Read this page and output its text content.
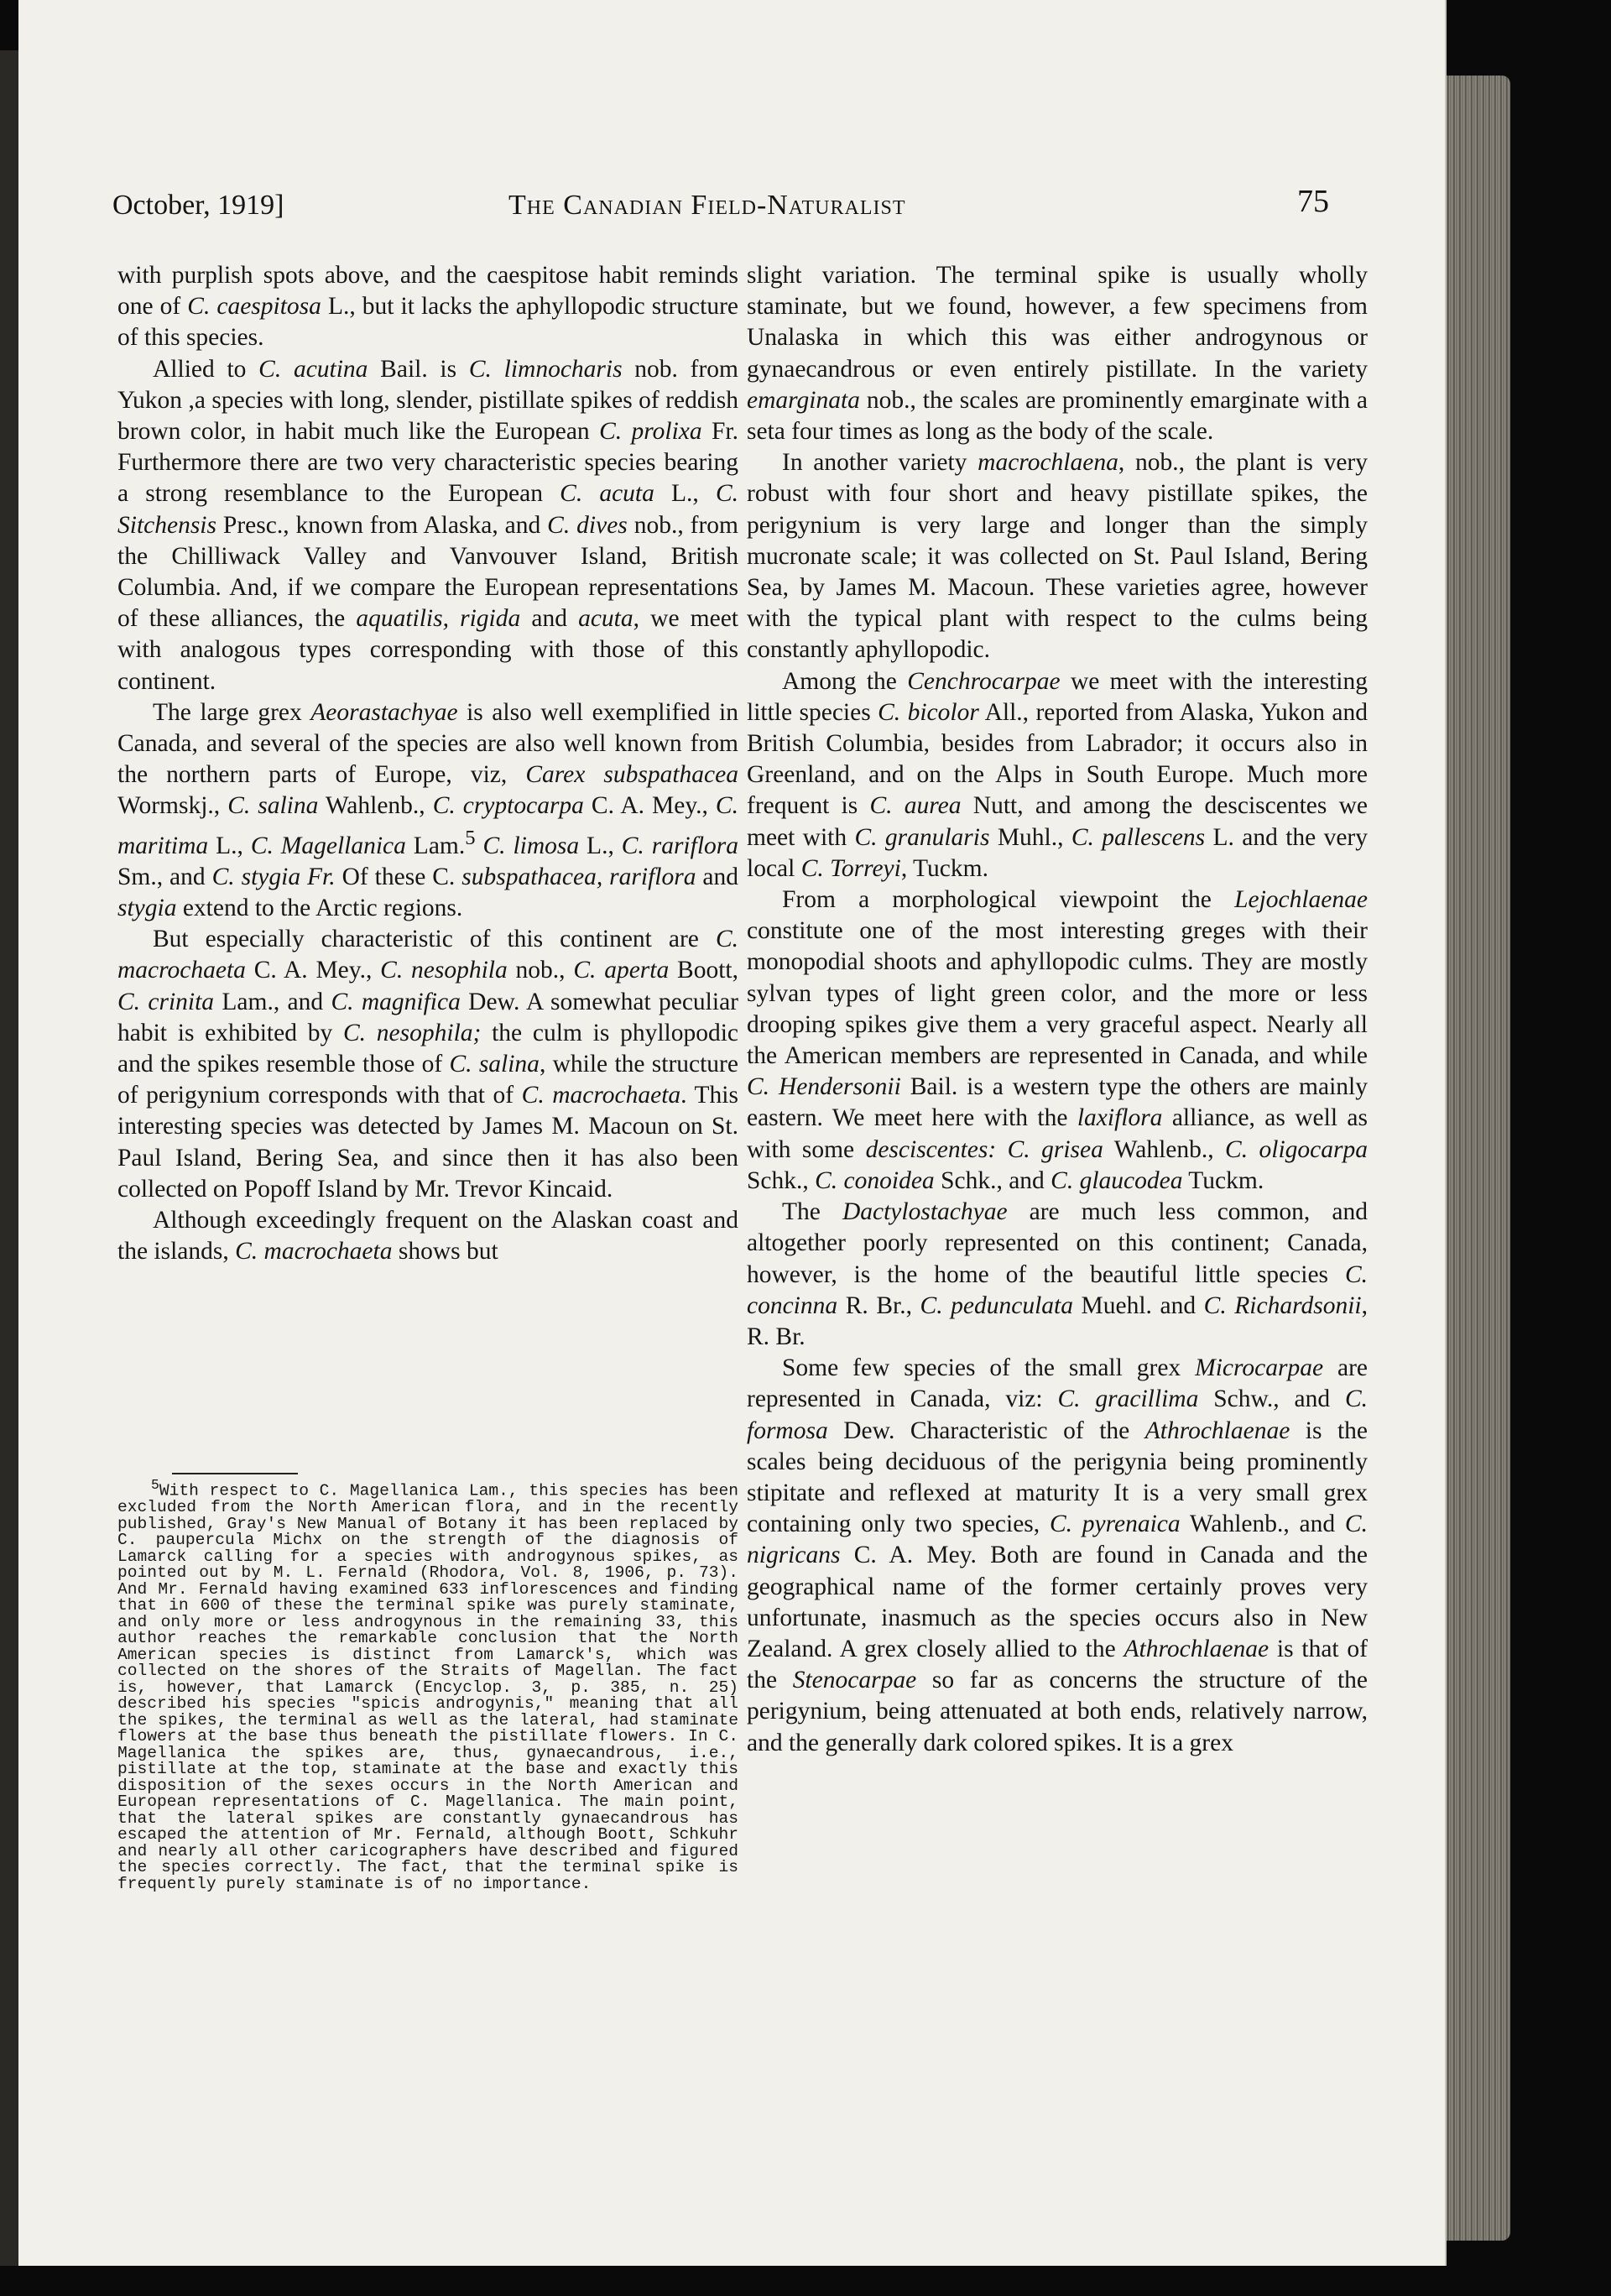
October, 1919]	The Canadian Field-Naturalist	75

with purplish spots above, and the caespitose habit reminds one of C. caespitosa L., but it lacks the aphyllopodic structure of this species.

Allied to C. acutina Bail. is C. limnocharis nob. from Yukon ,a species with long, slender, pistillate spikes of reddish brown color, in habit much like the European C. prolixa Fr. Furthermore there are two very characteristic species bearing a strong resemblance to the European C. acuta L., C. Sitchensis Presc., known from Alaska, and C. dives nob., from the Chilliwack Valley and Vanvouver Island, British Columbia. And, if we compare the European representations of these alliances, the aquatilis, rigida and acuta, we meet with analogous types corresponding with those of this continent.

The large grex Aeorastachyae is also well exemplified in Canada, and several of the species are also well known from the northern parts of Europe, viz, Carex subspathacea Wormskj., C. salina Wahlenb., C. cryptocarpa C. A. Mey., C. maritima L., C. Magellanica Lam.$^5$ C. limosa L., C. rariflora Sm., and C. stygia Fr. Of these C. subspathacea, rariflora and stygia extend to the Arctic regions.

But especially characteristic of this continent are C. macrochaeta C. A. Mey., C. nesophila nob., C. aperta Boott, C. crinita Lam., and C. magnifica Dew. A somewhat peculiar habit is exhibited by C. nesophila; the culm is phyllopodic and the spikes resemble those of C. salina, while the structure of perigynium corresponds with that of C. macrochaeta. This interesting species was detected by James M. Macoun on St. Paul Island, Bering Sea, and since then it has also been collected on Popoff Island by Mr. Trevor Kincaid.

Although exceedingly frequent on the Alaskan coast and the islands, C. macrochaeta shows but

$^5$With respect to C. Magellanica Lam., this species has been excluded from the North American flora, and in the recently published, Gray's New Manual of Botany it has been replaced by C. paupercula Michx on the strength of the diagnosis of Lamarck calling for a species with androgynous spikes, as pointed out by M. L. Fernald (Rhodora, Vol. 8, 1906, p. 73). And Mr. Fernald having examined 633 inflorescences and finding that in 600 of these the terminal spike was purely staminate, and only more or less androgynous in the remaining 33, this author reaches the remarkable conclusion that the North American species is distinct from Lamarck's, which was collected on the shores of the Straits of Magellan. The fact is, however, that Lamarck (Encyclop. 3, p. 385, n. 25) described his species "spicis androgynis," meaning that all the spikes, the terminal as well as the lateral, had staminate flowers at the base thus beneath the pistillate flowers. In C. Magellanica the spikes are, thus, gynaecandrous, i.e., pistillate at the top, staminate at the base and exactly this disposition of the sexes occurs in the North American and European representations of C. Magellanica. The main point, that the lateral spikes are constantly gynaecandrous has escaped the attention of Mr. Fernald, although Boott, Schkuhr and nearly all other caricographers have described and figured the species correctly. The fact, that the terminal spike is frequently purely staminate is of no importance.

slight variation. The terminal spike is usually wholly staminate, but we found, however, a few specimens from Unalaska in which this was either androgynous or gynaecandrous or even entirely pistillate. In the variety emarginata nob., the scales are prominently emarginate with a seta four times as long as the body of the scale.

In another variety macrochlaena, nob., the plant is very robust with four short and heavy pistillate spikes, the perigynium is very large and longer than the simply mucronate scale; it was collected on St. Paul Island, Bering Sea, by James M. Macoun. These varieties agree, however with the typical plant with respect to the culms being constantly aphyllopodic.

Among the Cenchrocarpae we meet with the interesting little species C. bicolor All., reported from Alaska, Yukon and British Columbia, besides from Labrador; it occurs also in Greenland, and on the Alps in South Europe. Much more frequent is C. aurea Nutt, and among the desciscentes we meet with C. granularis Muhl., C. pallescens L. and the very local C. Torreyi, Tuckm.

From a morphological viewpoint the Lejochlaenae constitute one of the most interesting greges with their monopodial shoots and aphyllopodic culms. They are mostly sylvan types of light green color, and the more or less drooping spikes give them a very graceful aspect. Nearly all the American members are represented in Canada, and while C. Hendersonii Bail. is a western type the others are mainly eastern. We meet here with the laxiflora alliance, as well as with some desciscentes: C. grisea Wahlenb., C. oligocarpa Schk., C. conoidea Schk., and C. glaucodea Tuckm.

The Dactylostachyae are much less common, and altogether poorly represented on this continent; Canada, however, is the home of the beautiful little species C. concinna R. Br., C. pedunculata Muehl. and C. Richardsonii, R. Br.

Some few species of the small grex Microcarpae are represented in Canada, viz: C. gracillima Schw., and C. formosa Dew. Characteristic of the Athrochlaenae is the scales being deciduous of the perigynia being prominently stipitate and reflexed at maturity It is a very small grex containing only two species, C. pyrenaica Wahlenb., and C. nigricans C. A. Mey. Both are found in Canada and the geographical name of the former certainly proves very unfortunate, inasmuch as the species occurs also in New Zealand. A grex closely allied to the Athrochlaenae is that of the Stenocarpae so far as concerns the structure of the perigynium, being attenuated at both ends, relatively narrow, and the generally dark colored spikes. It is a grex
